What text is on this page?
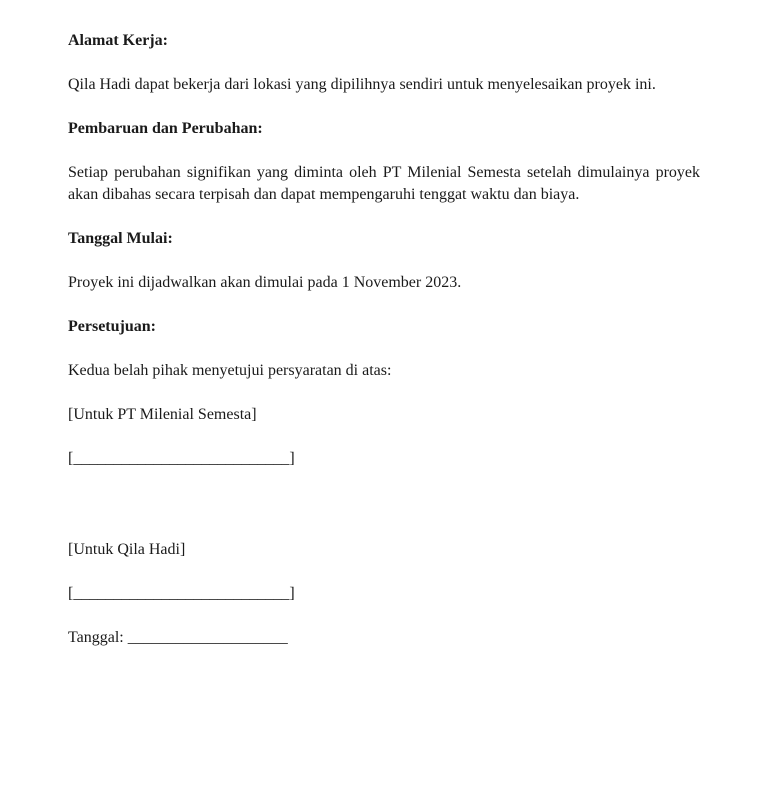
Alamat Kerja:

Qila Hadi dapat bekerja dari lokasi yang dipilihnya sendiri untuk menyelesaikan proyek ini.

Pembaruan dan Perubahan:

Setiap perubahan signifikan yang diminta oleh PT Milenial Semesta setelah dimulainya proyek akan dibahas secara terpisah dan dapat mempengaruhi tenggat waktu dan biaya.

Tanggal Mulai:

Proyek ini dijadwalkan akan dimulai pada 1 November 2023.

Persetujuan:

Kedua belah pihak menyetujui persyaratan di atas:

[Untuk PT Milenial Semesta]

[___________________________]

[Untuk Qila Hadi]

[___________________________]

Tanggal: ____________________
